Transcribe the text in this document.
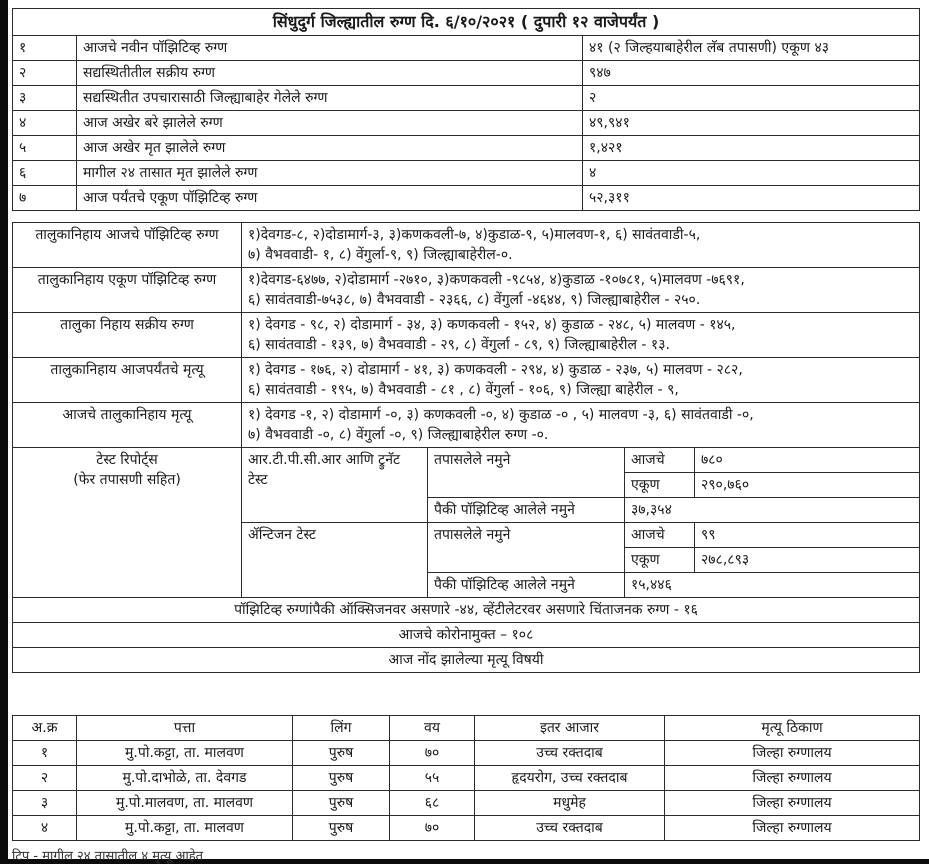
सिंधुदुर्ग जिल्ह्यातील रुग्ण दि. ६/१०/२०२१ ( दुपारी १२ वाजेपर्यंत )		
१	आजचे नवीन पॉझिटिव्ह रुग्ण	४१ (२ जिल्हयाबाहेरील लॅब तपासणी) एकूण ४३
२	सद्यस्थितीतील सक्रीय रुग्ण	९४७
३	सद्यस्थितीत उपचारासाठी जिल्ह्याबाहेर गेलेले रुग्ण	२
४	आज अखेर बरे झालेले रुग्ण	४९,९४१
५	आज अखेर मृत झालेले रुग्ण	१,४२१
६	मागील २४ तासात मृत झालेले रुग्ण	४
७	आज पर्यंतचे एकूण पॉझिटिव्ह रुग्ण	५२,३११
तालुकानिहाय आजचे पॉझिटिव्ह रुग्ण	१)देवगड-८, २)दोडामार्ग-३, ३)कणकवली-७, ४)कुडाळ-९, ५)मालवण-१, ६) सावंतवाडी-५,
७) वैभववाडी- १, ८) वेंगुर्ला-९, ९) जिल्ह्याबाहेरील-०.			

तालुकानिहाय एकूण पॉझिटिव्ह रुग्ण	१)देवगड-६४७७, २)दोडामार्ग -२७१०, ३)कणकवली -९८५४, ४)कुडाळ -१०७८१, ५)मालवण -७६९१,
६) सावंतवाडी-७५३८, ७) वैभववाडी - २३६६, ८) वेंगुर्ला -४६४४, ९) जिल्ह्याबाहेरील - २५०.			

तालुका निहाय सक्रीय रुग्ण	१) देवगड - ९८, २) दोडामार्ग - ३४, ३) कणकवली - १५२, ४) कुडाळ - २४८, ५) मालवण - १४५,
६) सावंतवाडी - १३९, ७) वैभववाडी - २९, ८) वेंगुर्ला - ८९, ९) जिल्ह्याबाहेरील - १३.			

तालुकानिहाय आजपर्यंतचे मृत्यू	१) देवगड - १७६, २) दोडामार्ग - ४१, ३) कणकवली - २९४, ४) कुडाळ - २३७, ५) मालवण - २८२,
६) सावंतवाडी - १९५, ७) वैभववाडी - ८१ , ८) वेंगुर्ला - १०६, ९) जिल्ह्या बाहेरील - ९,			

आजचे तालुकानिहाय मृत्यू	१) देवगड -१, २) दोडामार्ग -०, ३) कणकवली -०, ४) कुडाळ -० , ५) मालवण -३, ६) सावंतवाडी -०,
७) वैभववाडी -०, ८) वेंगुर्ला -०, ९) जिल्ह्याबाहेरील रुग्ण -०.			

टेस्ट रिपोर्ट्स
(फेर तपासणी सहित)	आर.टी.पी.सी.आर आणि ट्रुनॅट टेस्ट	तपासलेले नमुने	आजचे	७८०
			एकूण	२९०,७६०
		पैकी पॉझिटिव्ह आलेले नमुने	३७,३५४	
	ॲन्टिजन टेस्ट	तपासलेले नमुने	आजचे	९९
			एकूण	२७८,८९३
		पैकी पॉझिटिव्ह आलेले नमुने	१५,४४६	
पॉझिटिव्ह रुग्णांपैकी ऑक्सिजनवर असणारे -४४, व्हेंटीलेटरवर असणारे चिंताजनक रुग्ण - १६				
आजचे कोरोनामुक्त – १०८				
आज नोंद झालेल्या मृत्यू विषयी				
अ.क्र	पत्ता	लिंग	वय	इतर आजार	मृत्यू ठिकाण
१	मु.पो.कट्टा, ता. मालवण	पुरुष	७०	उच्च रक्तदाब	जिल्हा रुग्णालय
२	मु.पो.दाभोळे, ता. देवगड	पुरुष	५५	हृदयरोग, उच्च रक्तदाब	जिल्हा रुग्णालय
३	मु.पो.मालवण, ता. मालवण	पुरुष	६८	मधुमेह	जिल्हा रुग्णालय
४	मु.पो.कट्टा, ता. मालवण	पुरुष	७०	उच्च रक्तदाब	जिल्हा रुग्णालय
टिप - मागील २४ तासातील ४ मृत्यू आहेत
